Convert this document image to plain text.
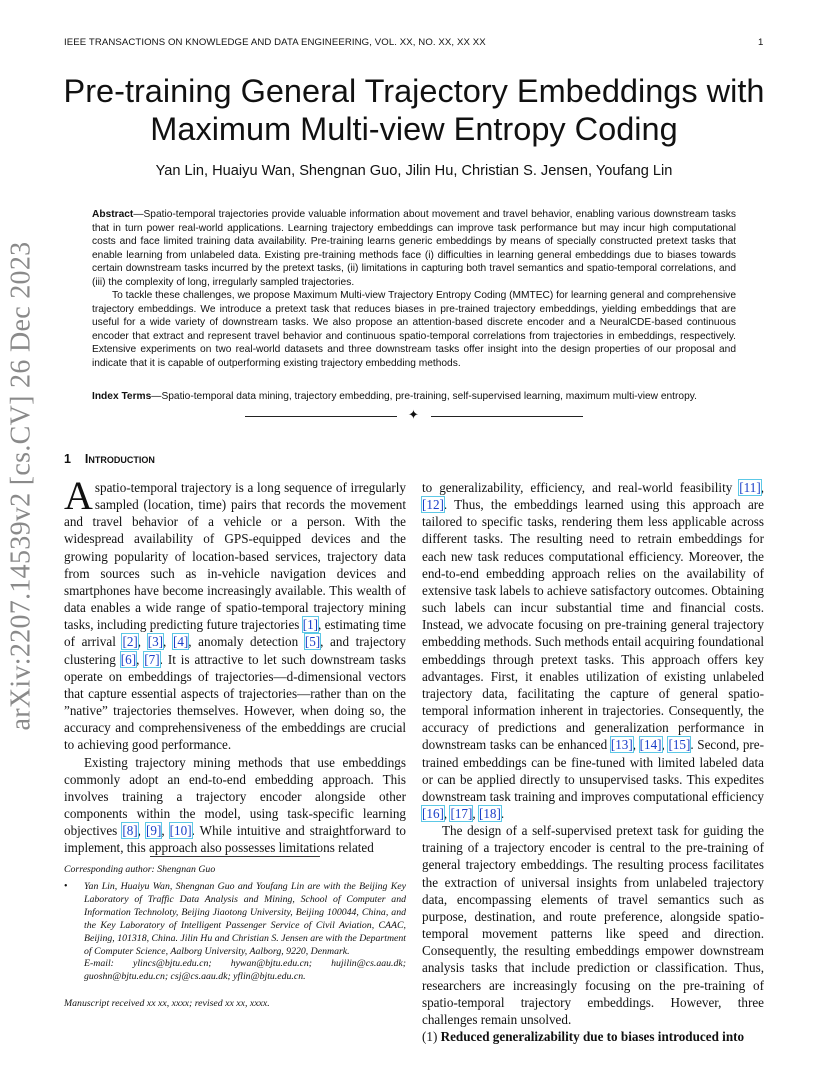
IEEE TRANSACTIONS ON KNOWLEDGE AND DATA ENGINEERING, VOL. XX, NO. XX, XX XX	1
arXiv:2207.14539v2 [cs.CV] 26 Dec 2023
Pre-training General Trajectory Embeddings with
Maximum Multi-view Entropy Coding
Yan Lin, Huaiyu Wan, Shengnan Guo, Jilin Hu, Christian S. Jensen, Youfang Lin

Abstract—Spatio-temporal trajectories provide valuable information about movement and travel behavior, enabling various downstream tasks that in turn power real-world applications. Learning trajectory embeddings can improve task performance but may incur high computational costs and face limited training data availability. Pre-training learns generic embeddings by means of specially constructed pretext tasks that enable learning from unlabeled data. Existing pre-training methods face (i) difficulties in learning general embeddings due to biases towards certain downstream tasks incurred by the pretext tasks, (ii) limitations in capturing both travel semantics and spatio-temporal correlations, and (iii) the complexity of long, irregularly sampled trajectories.

To tackle these challenges, we propose Maximum Multi-view Trajectory Entropy Coding (MMTEC) for learning general and comprehensive trajectory embeddings. We introduce a pretext task that reduces biases in pre-trained trajectory embeddings, yielding embeddings that are useful for a wide variety of downstream tasks. We also propose an attention-based discrete encoder and a NeuralCDE-based continuous encoder that extract and represent travel behavior and continuous spatio-temporal correlations from trajectories in embeddings, respectively. Extensive experiments on two real-world datasets and three downstream tasks offer insight into the design properties of our proposal and indicate that it is capable of outperforming existing trajectory embedding methods.

Index Terms—Spatio-temporal data mining, trajectory embedding, pre-training, self-supervised learning, maximum multi-view entropy.
✦
1 Introduction

Aspatio-temporal trajectory is a long sequence of irregularly sampled (location, time) pairs that records the movement and travel behavior of a vehicle or a person. With the widespread availability of GPS-equipped devices and the growing popularity of location-based services, trajectory data from sources such as in-vehicle navigation devices and smartphones have become increasingly available. This wealth of data enables a wide range of spatio-temporal trajectory mining tasks, including predicting future trajectories [1], estimating time of arrival [2], [3], [4], anomaly detection [5], and trajectory clustering [6], [7]. It is attractive to let such downstream tasks operate on embeddings of trajectories—d-dimensional vectors that capture essential aspects of trajectories—rather than on the ”native” trajectories themselves. However, when doing so, the accuracy and comprehensiveness of the embeddings are crucial to achieving good performance.

Existing trajectory mining methods that use embeddings commonly adopt an end-to-end embedding approach. This involves training a trajectory encoder alongside other components within the model, using task-specific learning objectives [8], [9], [10]. While intuitive and straightforward to implement, this approach also possesses limitations related

to generalizability, efficiency, and real-world feasibility [11], [12]. Thus, the embeddings learned using this approach are tailored to specific tasks, rendering them less applicable across different tasks. The resulting need to retrain embeddings for each new task reduces computational efficiency. Moreover, the end-to-end embedding approach relies on the availability of extensive task labels to achieve satisfactory outcomes. Obtaining such labels can incur substantial time and financial costs. Instead, we advocate focusing on pre-training general trajectory embedding methods. Such methods entail acquiring foundational embeddings through pretext tasks. This approach offers key advantages. First, it enables utilization of existing unlabeled trajectory data, facilitating the capture of general spatio-temporal information inherent in trajectories. Consequently, the accuracy of predictions and generalization performance in downstream tasks can be enhanced [13], [14], [15]. Second, pre-trained embeddings can be fine-tuned with limited labeled data or can be applied directly to unsupervised tasks. This expedites downstream task training and improves computational efficiency [16], [17], [18].

The design of a self-supervised pretext task for guiding the training of a trajectory encoder is central to the pre-training of general trajectory embeddings. The resulting process facilitates the extraction of universal insights from unlabeled trajectory data, encompassing elements of travel semantics such as purpose, destination, and route preference, alongside spatio-temporal movement patterns like speed and direction. Consequently, the resulting embeddings empower downstream analysis tasks that include prediction or classification. Thus, researchers are increasingly focusing on the pre-training of spatio-temporal trajectory embeddings. However, three challenges remain unsolved.

(1) Reduced generalizability due to biases introduced into

Corresponding author: Shengnan Guo
• Yan Lin, Huaiyu Wan, Shengnan Guo and Youfang Lin are with the Beijing Key Laboratory of Traffic Data Analysis and Mining, School of Computer and Information Technoloty, Beijing Jiaotong University, Beijing 100044, China, and the Key Laboratory of Intelligent Passenger Service of Civil Aviation, CAAC, Beijing, 101318, China. Jilin Hu and Christian S. Jensen are with the Department of Computer Science, Aalborg University, Aalborg, 9220, Denmark.
E-mail: ylincs@bjtu.edu.cn; hywan@bjtu.edu.cn; hujilin@cs.aau.dk; guoshn@bjtu.edu.cn; csj@cs.aau.dk; yflin@bjtu.edu.cn.
Manuscript received xx xx, xxxx; revised xx xx, xxxx.
